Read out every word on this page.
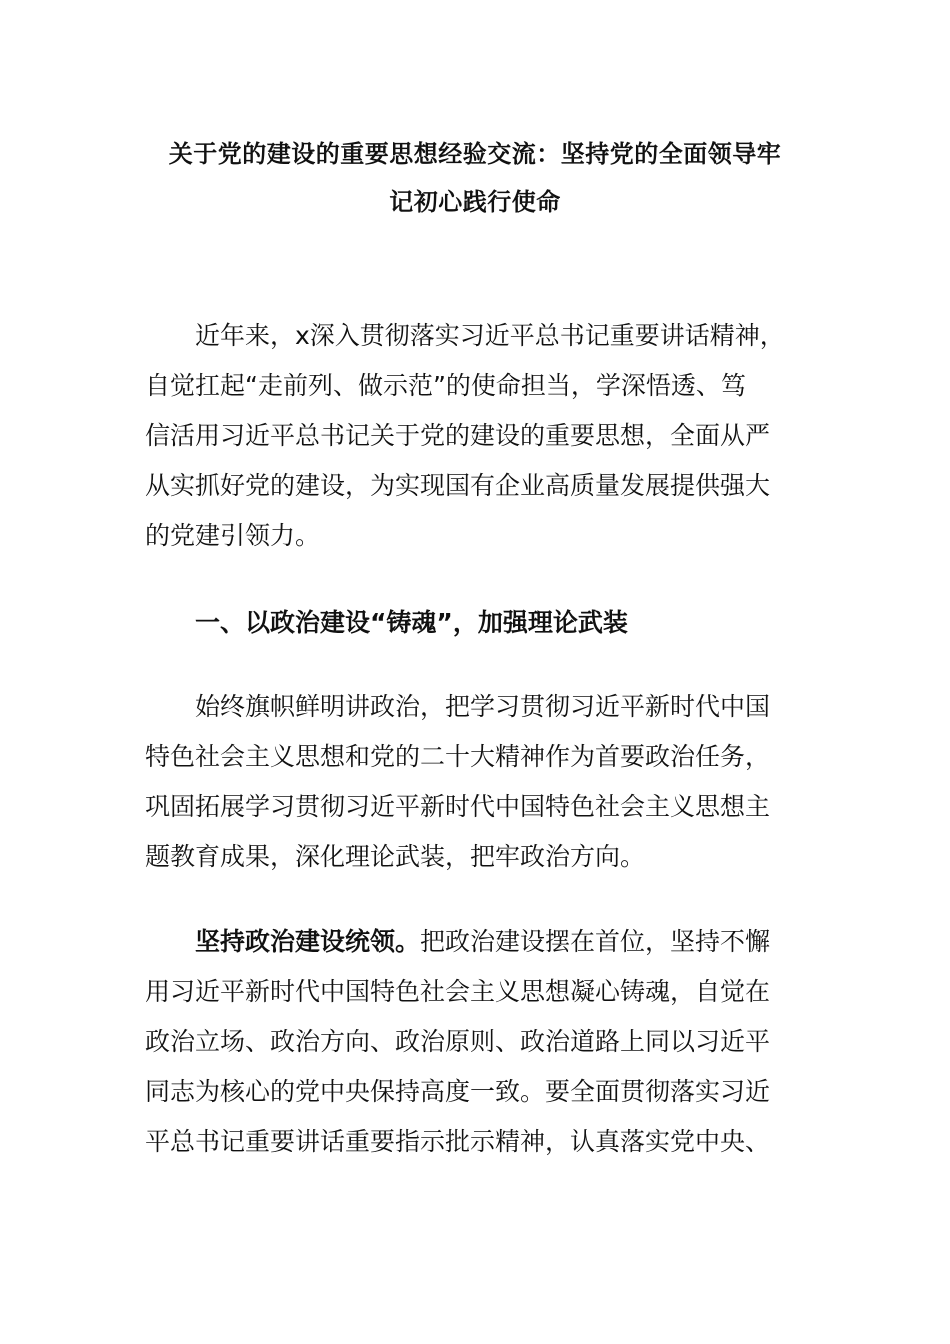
关于党的建设的重要思想经验交流：坚持党的全面领导牢
记初心践行使命
近年来，x深入贯彻落实习近平总书记重要讲话精神，
自觉扛起“走前列、做示范”的使命担当，学深悟透、笃
信活用习近平总书记关于党的建设的重要思想，全面从严
从实抓好党的建设，为实现国有企业高质量发展提供强大
的党建引领力。
一、以政治建设“铸魂”，加强理论武装
始终旗帜鲜明讲政治，把学习贯彻习近平新时代中国
特色社会主义思想和党的二十大精神作为首要政治任务，
巩固拓展学习贯彻习近平新时代中国特色社会主义思想主
题教育成果，深化理论武装，把牢政治方向。
坚持政治建设统领。把政治建设摆在首位，坚持不懈
用习近平新时代中国特色社会主义思想凝心铸魂，自觉在
政治立场、政治方向、政治原则、政治道路上同以习近平
同志为核心的党中央保持高度一致。要全面贯彻落实习近
平总书记重要讲话重要指示批示精神，认真落实党中央、
